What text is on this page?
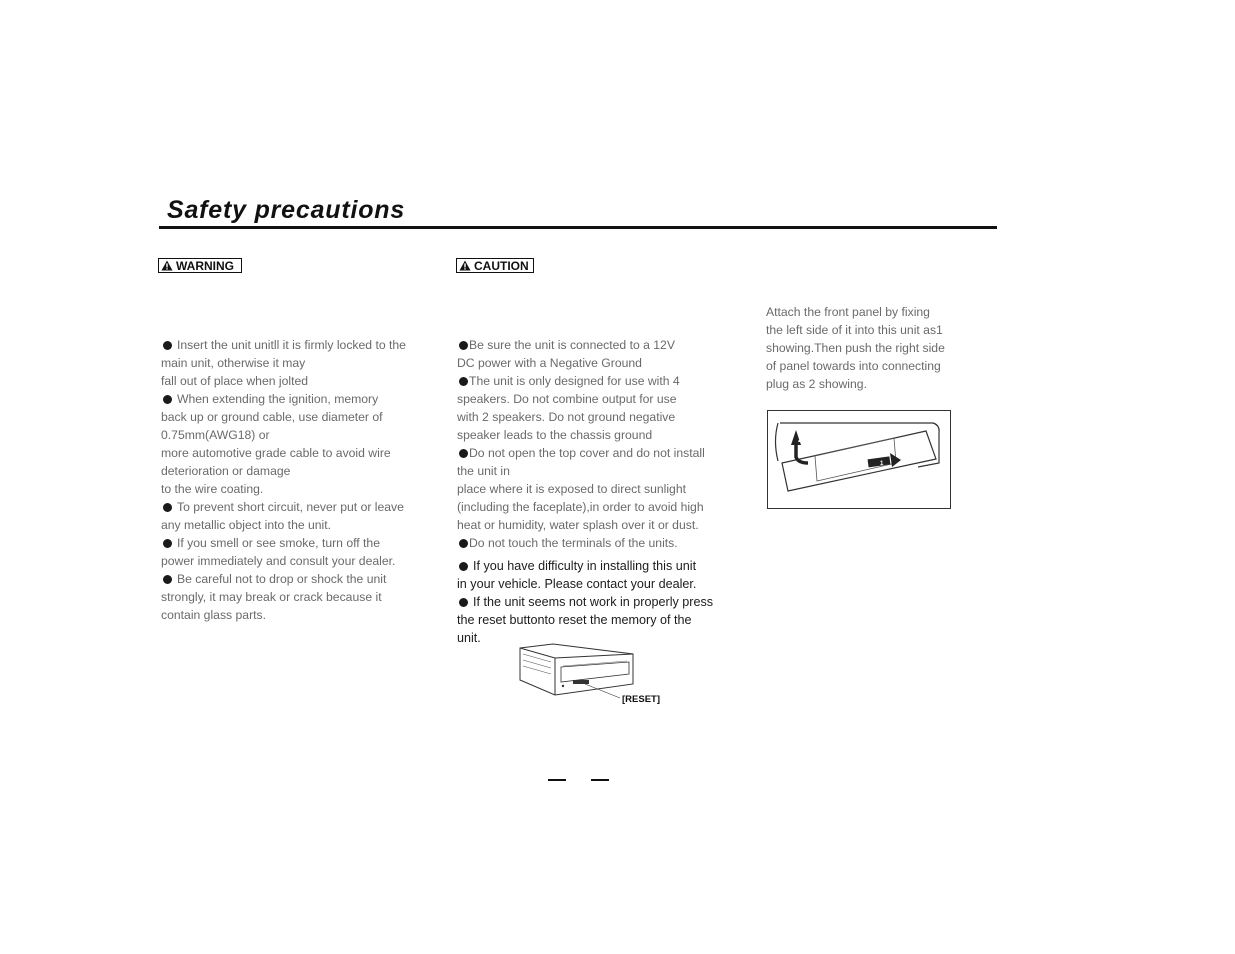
Safety precautions
WARNING	CAUTION
Insert the unit unitll it is firmly locked to the
main unit, otherwise it may
fall out of place when jolted
When extending the ignition, memory
back up or ground cable, use diameter of
0.75mm(AWG18) or
more automotive grade cable to avoid wire
deterioration or damage
to the wire coating.
To prevent short circuit, never put or leave
any metallic object into the unit.
If you smell or see smoke, turn off the
power immediately and consult your dealer.
Be careful not to drop or shock the unit
strongly, it may break or crack because it
contain glass parts.
Be sure the unit is connected to a 12V
DC power with a Negative Ground
The unit is only designed for use with 4
speakers. Do not combine output for use
with 2 speakers. Do not ground negative
speaker leads to the chassis ground
Do not open the top cover and do not install
the unit in
place where it is exposed to direct sunlight
(including the faceplate),in order to avoid high
heat or humidity, water splash over it or dust.
Do not touch the terminals of the units.
If you have difficulty in installing this unit
in your vehicle. Please contact your dealer.
If the unit seems not work in properly press
the reset buttonto reset the memory of the
unit.
Attach the front panel by fixing
the left side of it into this unit as1
showing.Then push the right side
of panel towards into connecting
plug as 2 showing.
2
1
[RESET]
